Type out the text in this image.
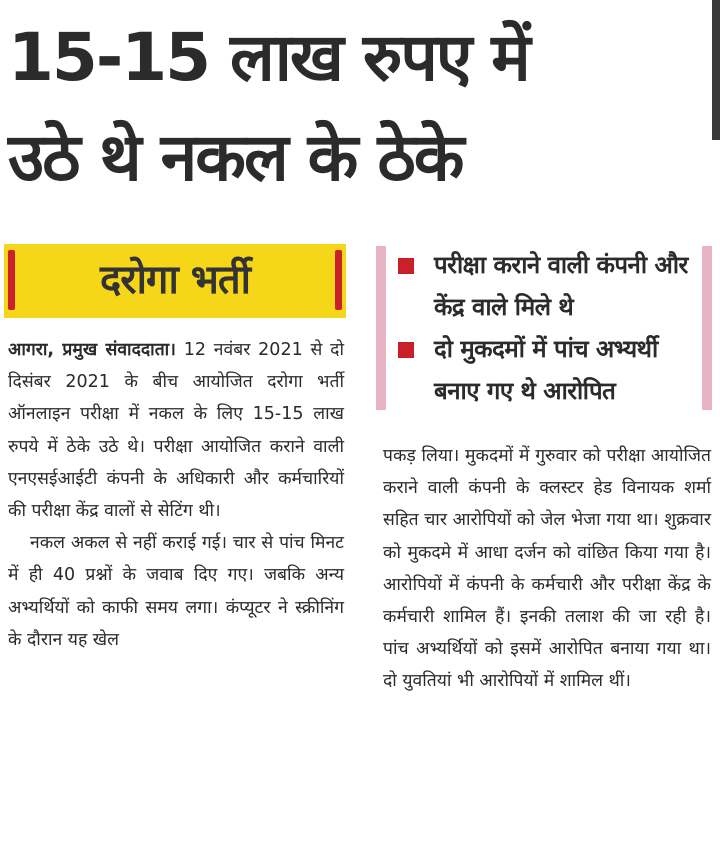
15-15 लाख रुपए में
उठे थे नकल के ठेके
दरोगा भर्ती	परीक्षा कराने वाली कंपनी और केंद्र वाले मिले थे
दो मुकदमों में पांच अभ्यर्थी बनाए गए थे आरोपित

आगरा, प्रमुख संवाददाता। 12 नवंबर 2021 से दो दिसंबर 2021 के बीच आयोजित दरोगा भर्ती ऑनलाइन परीक्षा में नकल के लिए 15-15 लाख रुपये में ठेके उठे थे। परीक्षा आयोजित कराने वाली एनएसईआईटी कंपनी के अधिकारी और कर्मचारियों की परीक्षा केंद्र वालों से सेटिंग थी।

नकल अकल से नहीं कराई गई। चार से पांच मिनट में ही 40 प्रश्नों के जवाब दिए गए। जबकि अन्य अभ्यर्थियों को काफी समय लगा। कंप्यूटर ने स्क्रीनिंग के दौरान यह खेल

पकड़ लिया। मुकदमों में गुरुवार को परीक्षा आयोजित कराने वाली कंपनी के क्लस्टर हेड विनायक शर्मा सहित चार आरोपियों को जेल भेजा गया था। शुक्रवार को मुकदमे में आधा दर्जन को वांछित किया गया है। आरोपियों में कंपनी के कर्मचारी और परीक्षा केंद्र के कर्मचारी शामिल हैं। इनकी तलाश की जा रही है। पांच अभ्यर्थियों को इसमें आरोपित बनाया गया था। दो युवतियां भी आरोपियों में शामिल थीं।
